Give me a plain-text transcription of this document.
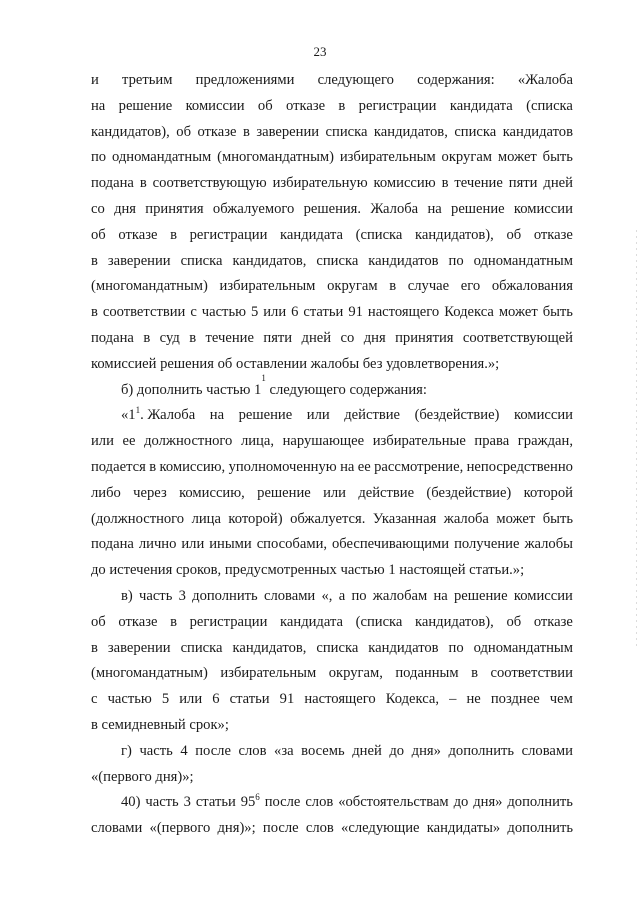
23
и третьим предложениями следующего содержания: «Жалоба
на решение комиссии об отказе в регистрации кандидата (списка
кандидатов), об отказе в заверении списка кандидатов, списка кандидатов
по одномандатным (многомандатным) избирательным округам может быть
подана в соответствующую избирательную комиссию в течение пяти дней
со дня принятия обжалуемого решения. Жалоба на решение комиссии
об отказе в регистрации кандидата (списка кандидатов), об отказе
в заверении списка кандидатов, списка кандидатов по одномандатным
(многомандатным) избирательным округам в случае его обжалования
в соответствии с частью 5 или 6 статьи 91 настоящего Кодекса может быть
подана в суд в течение пяти дней со дня принятия соответствующей
комиссией решения об оставлении жалобы без удовлетворения.»;
б) дополнить частью 1
1
следующего содержания:
«$1^1$. Жалоба на решение или действие (бездействие) комиссии
или ее должностного лица, нарушающее избирательные права граждан,
подается в комиссию, уполномоченную на ее рассмотрение, непосредственно
либо через комиссию, решение или действие (бездействие) которой
(должностного лица которой) обжалуется. Указанная жалоба может быть
подана лично или иными способами, обеспечивающими получение жалобы
до истечения сроков, предусмотренных частью 1 настоящей статьи.»;
в) часть 3 дополнить словами «, а по жалобам на решение комиссии
об отказе в регистрации кандидата (списка кандидатов), об отказе
в заверении списка кандидатов, списка кандидатов по одномандатным
(многомандатным) избирательным округам, поданным в соответствии
с частью 5 или 6 статьи 91 настоящего Кодекса, – не позднее чем
в семидневный срок»;
г) часть 4 после слов «за восемь дней до дня» дополнить словами
«(первого дня)»;
40) часть 3 статьи $95^6$ после слов «обстоятельствам до дня» дополнить
словами «(первого дня)»; после слов «следующие кандидаты» дополнить
